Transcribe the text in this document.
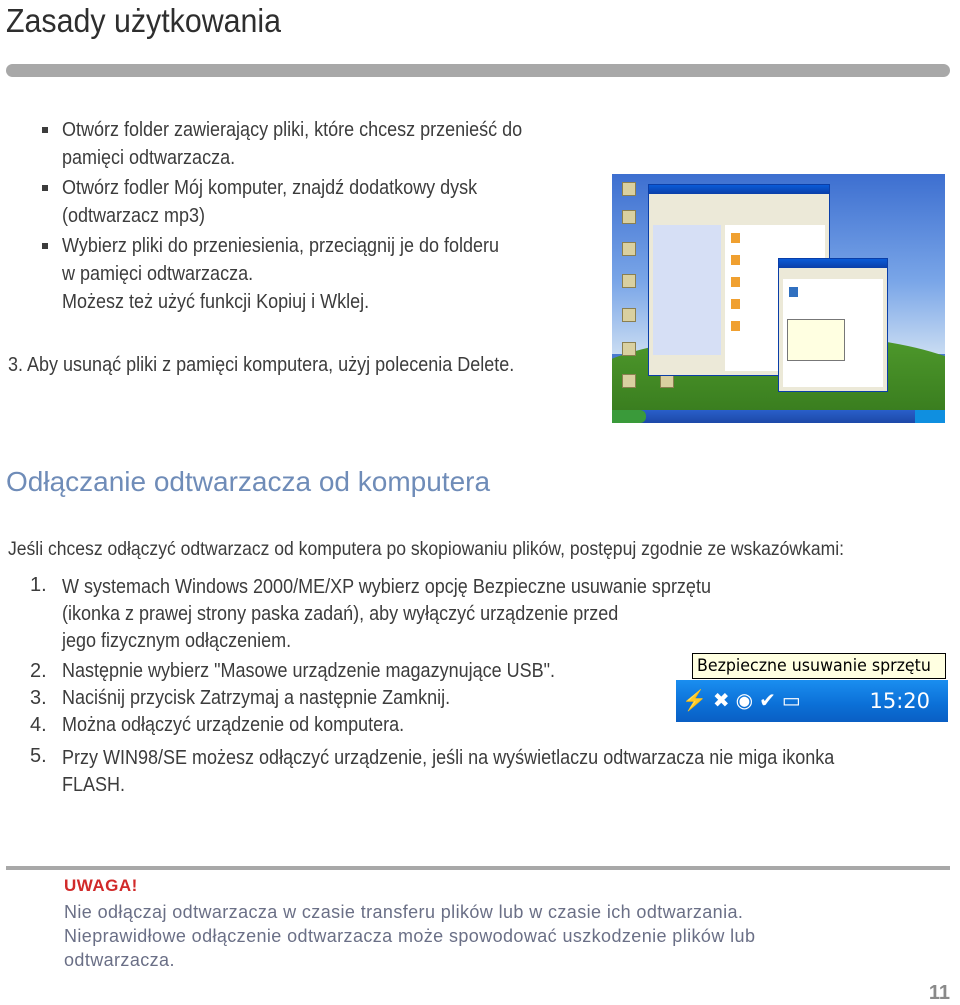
Zasady użytkowania
Otwórz folder zawierający pliki, które chcesz przenieść do
pamięci odtwarzacza.
Otwórz fodler Mój komputer, znajdź dodatkowy dysk
(odtwarzacz mp3)
Wybierz pliki do przeniesienia, przeciągnij je do folderu
w pamięci odtwarzacza.
Możesz też użyć funkcji Kopiuj i Wklej.
3. Aby usunąć pliki z pamięci komputera, użyj polecenia Delete.
Odłączanie odtwarzacza od komputera
Jeśli chcesz odłączyć odtwarzacz od komputera po skopiowaniu plików, postępuj zgodnie ze wskazówkami:
1. W systemach Windows 2000/ME/XP wybierz opcję Bezpieczne usuwanie sprzętu
(ikonka z prawej strony paska zadań), aby wyłączyć urządzenie przed
jego fizycznym odłączeniem.
2. Następnie wybierz "Masowe urządzenie magazynujące USB".
3. Naciśnij przycisk Zatrzymaj a następnie Zamknij.
4. Można odłączyć urządzenie od komputera.
5. Przy WIN98/SE możesz odłączyć urządzenie, jeśli na wyświetlaczu odtwarzacza nie miga ikonka
FLASH.
Bezpieczne usuwanie sprzętu
⚡✖◉✔▭	15:20
UWAGA!
Nie odłączaj odtwarzacza w czasie transferu plików lub w czasie ich odtwarzania.
Nieprawidłowe odłączenie odtwarzacza może spowodować uszkodzenie plików lub
odtwarzacza.
11
